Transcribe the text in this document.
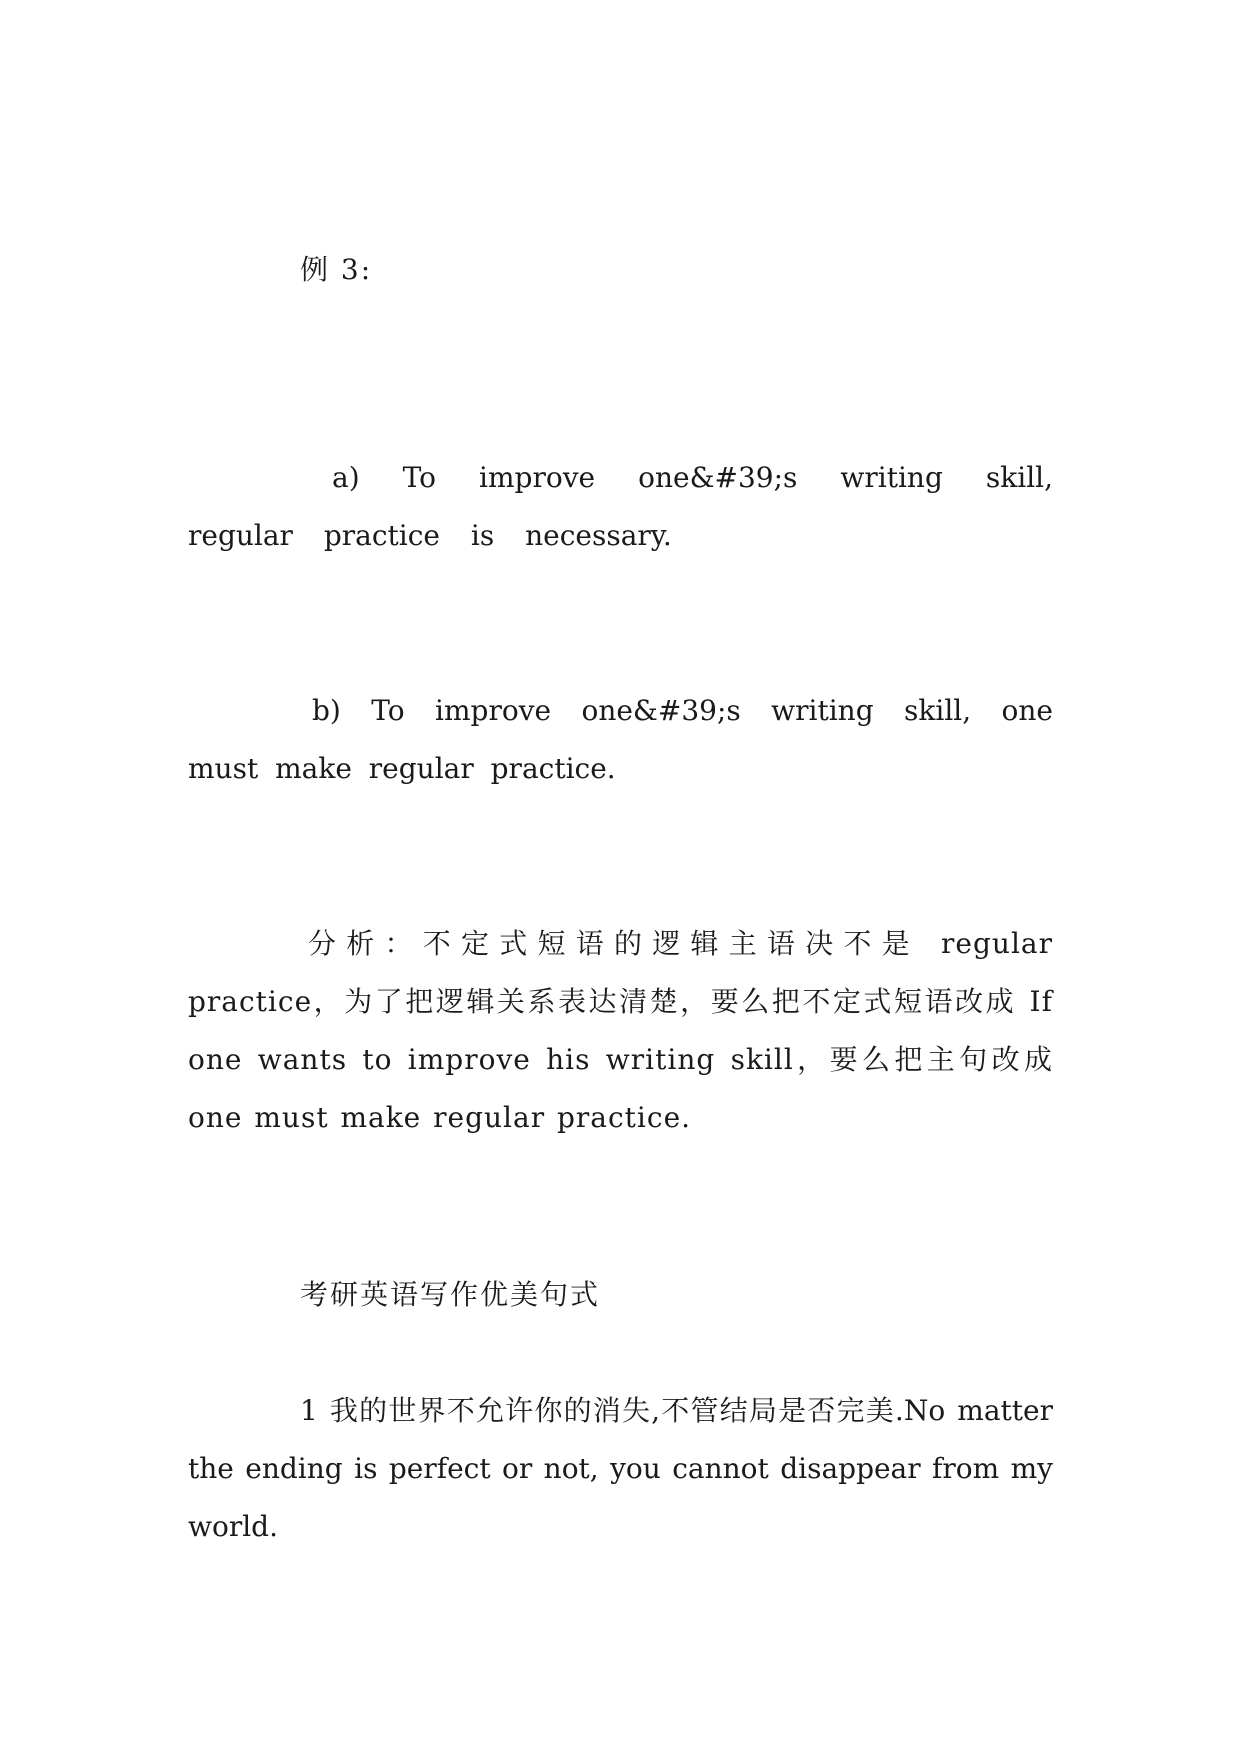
例 3:
a) To improve one&#39;s writing skill, regular practice is necessary.
b) To improve one&#39;s writing skill, one must make regular practice.
分析：不定式短语的逻辑主语决不是 regular practice，为了把逻辑关系表达清楚，要么把不定式短语改成 If one wants to improve his writing skill，要么把主句改成 one must make regular practice.
考研英语写作优美句式
1 我的世界不允许你的消失,不管结局是否完美.No matter the ending is perfect or not, you cannot disappear from my world.
